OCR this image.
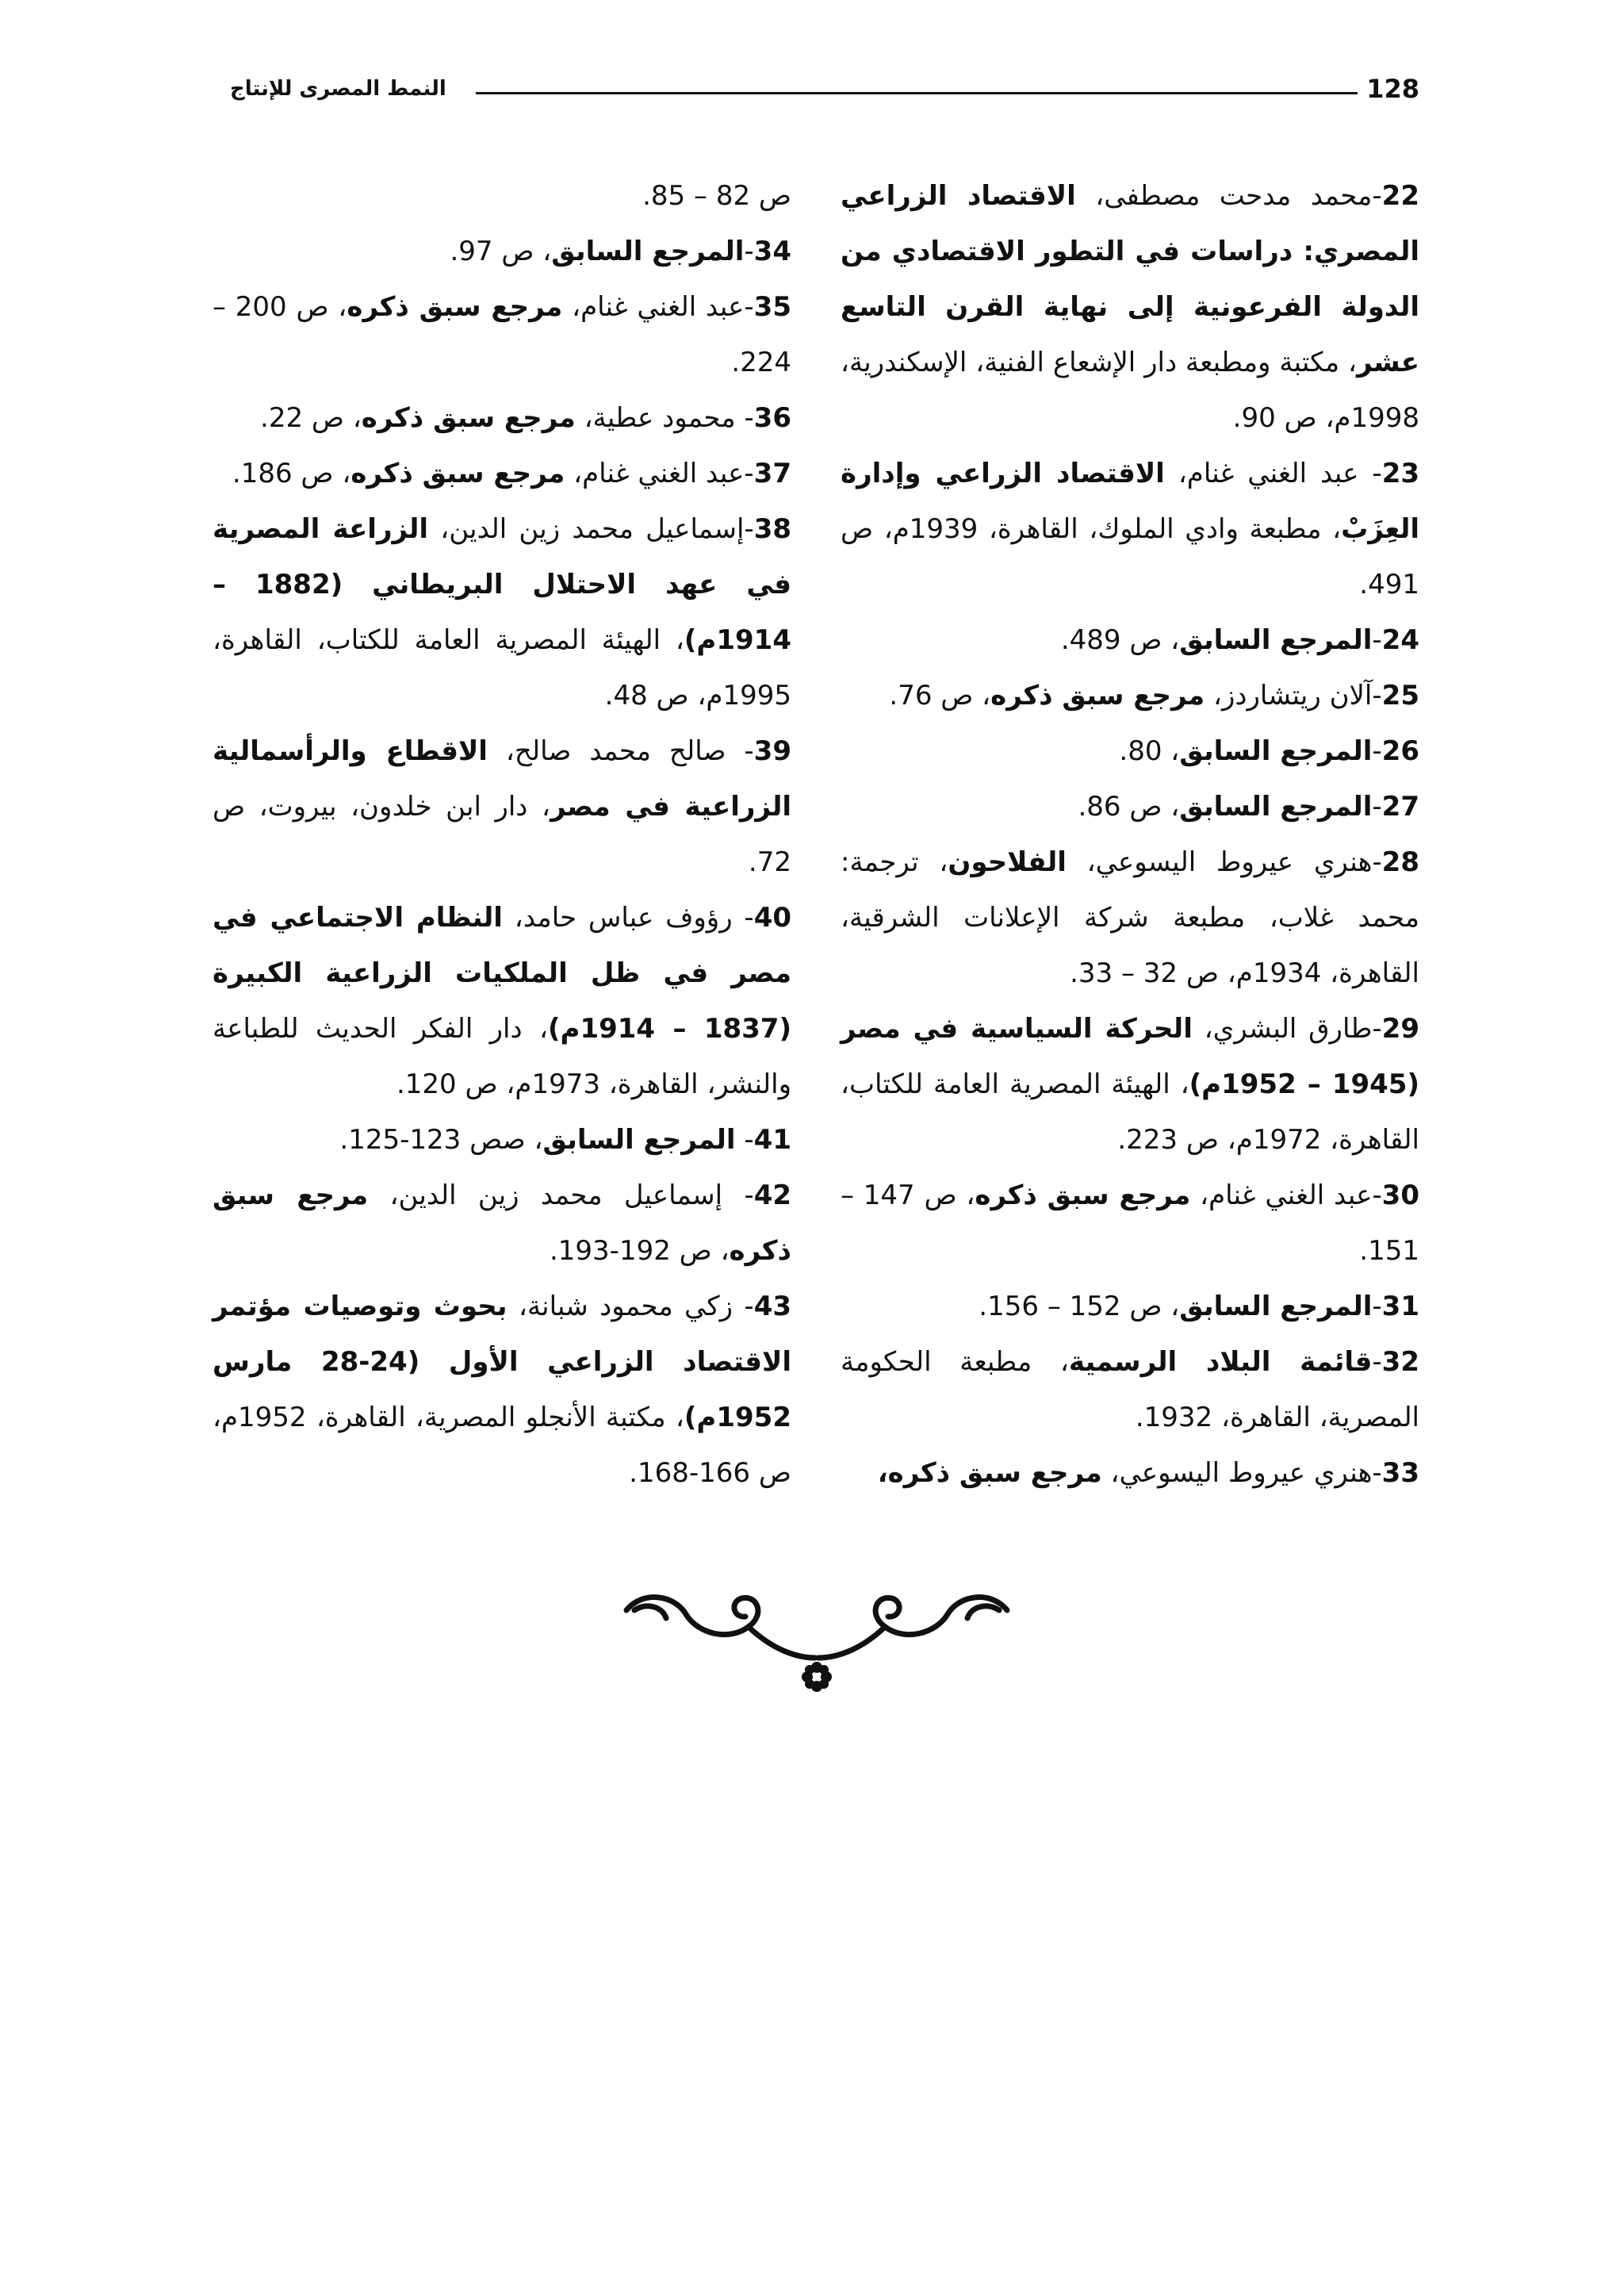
128
النمط المصرى للإنتاج

22-محمد مدحت مصطفى، الاقتصاد الزراعي المصري: دراسات في التطور الاقتصادي من الدولة الفرعونية إلى نهاية القرن التاسع عشر، مكتبة ومطبعة دار الإشعاع الفنية، الإسكندرية، 1998م، ص 90.

23- عبد الغني غنام، الاقتصاد الزراعي وإدارة العِزَبْ، مطبعة وادي الملوك، القاهرة، 1939م، ص 491.

24-المرجع السابق، ص 489.

25-آلان ريتشاردز، مرجع سبق ذكره، ص 76.

26-المرجع السابق، 80.

27-المرجع السابق، ص 86.

28-هنري عيروط اليسوعي، الفلاحون، ترجمة: محمد غلاب، مطبعة شركة الإعلانات الشرقية، القاهرة، 1934م، ص 32 – 33.

29-طارق البشري، الحركة السياسية في مصر (1945 – 1952م)، الهيئة المصرية العامة للكتاب، القاهرة، 1972م، ص 223.

30-عبد الغني غنام، مرجع سبق ذكره، ص 147 – 151.

31-المرجع السابق، ص 152 – 156.

32-قائمة البلاد الرسمية، مطبعة الحكومة المصرية، القاهرة، 1932.

33-هنري عيروط اليسوعي، مرجع سبق ذكره،

ص 82 – 85.

34-المرجع السابق، ص 97.

35-عبد الغني غنام، مرجع سبق ذكره، ص 200 – 224.

36- محمود عطية، مرجع سبق ذكره، ص 22.

37-عبد الغني غنام، مرجع سبق ذكره، ص 186.

38-إسماعيل محمد زين الدين، الزراعة المصرية في عهد الاحتلال البريطاني (1882 – 1914م)، الهيئة المصرية العامة للكتاب، القاهرة، 1995م، ص 48.

39- صالح محمد صالح، الاقطاع والرأسمالية الزراعية في مصر، دار ابن خلدون، بيروت، ص 72.

40- رؤوف عباس حامد، النظام الاجتماعي في مصر في ظل الملكيات الزراعية الكبيرة (1837 – 1914م)، دار الفكر الحديث للطباعة والنشر، القاهرة، 1973م، ص 120.

41- المرجع السابق، صص 123-125.

42- إسماعيل محمد زين الدين، مرجع سبق ذكره، ص 192-193.

43- زكي محمود شبانة، بحوث وتوصيات مؤتمر الاقتصاد الزراعي الأول (24-28 مارس 1952م)، مكتبة الأنجلو المصرية، القاهرة، 1952م، ص 166-168.
